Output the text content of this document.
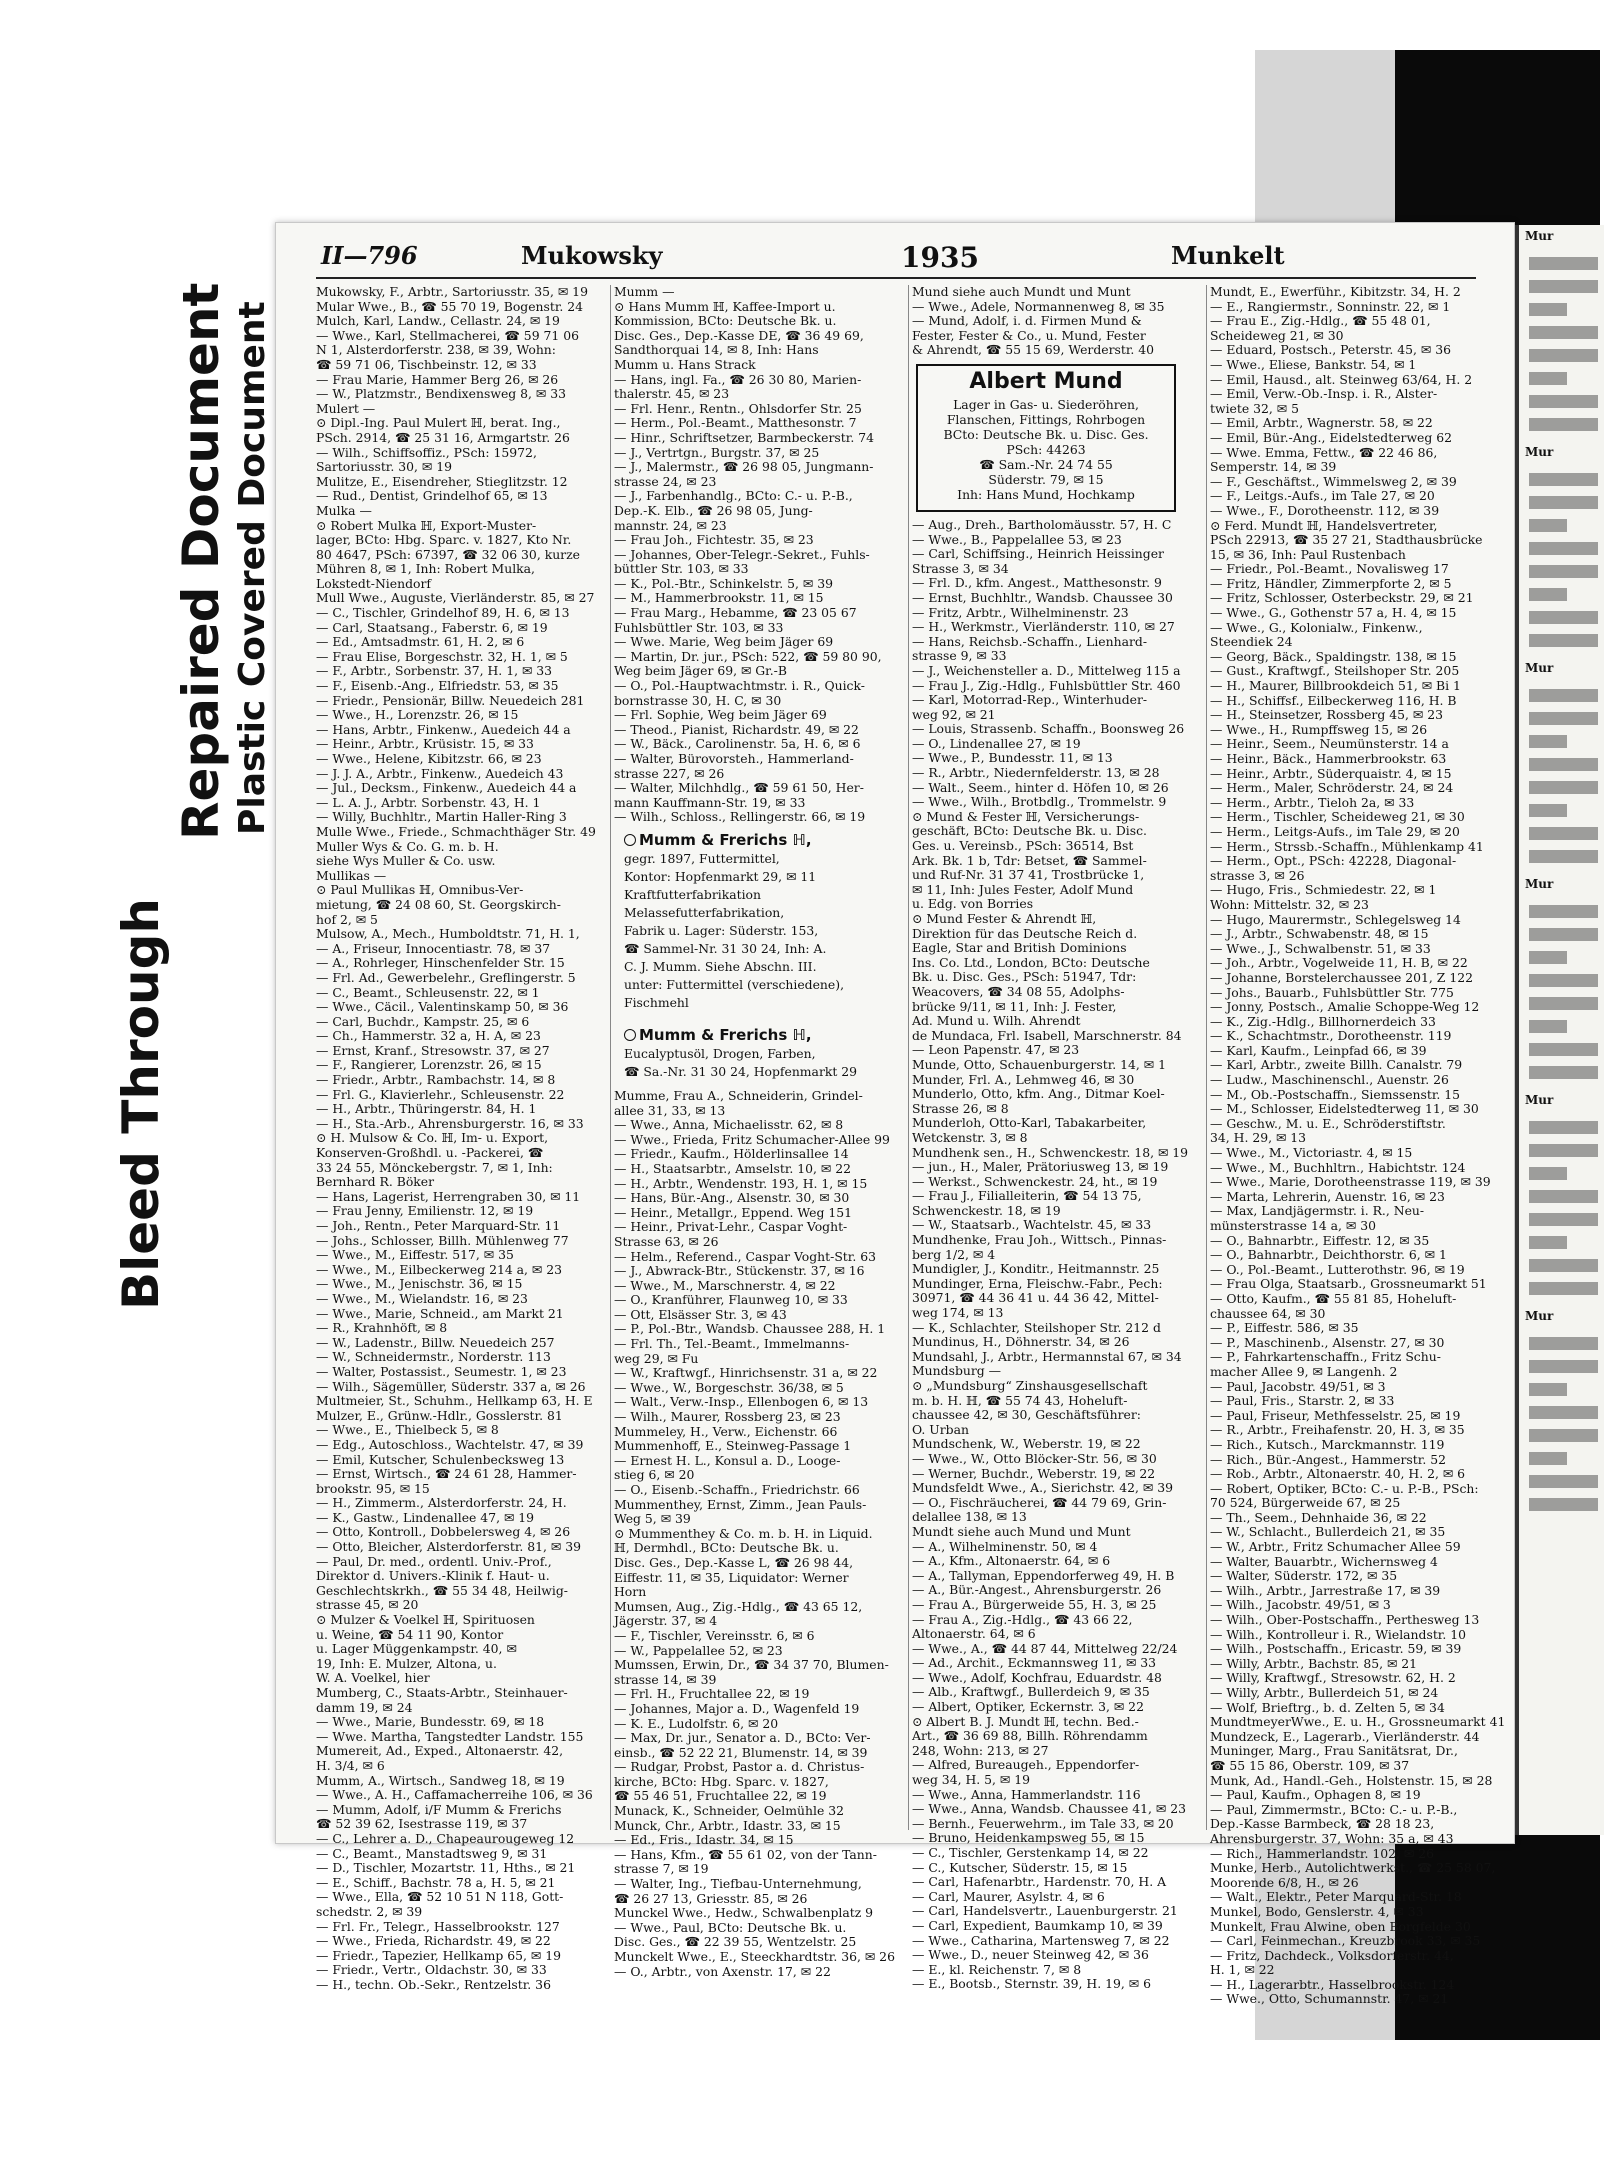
Bleed Through
Repaired Document Plastic Covered Document
II—796	Mukowsky	1935	Munkelt
Mukowsky, F., Arbtr., Sartoriusstr. 35, ✉ 19
Mular Wwe., B., ☎ 55 70 19, Bogenstr. 24
Mulch, Karl, Landw., Cellastr. 24, ✉ 19
— Wwe., Karl, Stellmacherei, ☎ 59 71 06
N 1, Alsterdorferstr. 238, ✉ 39, Wohn:
☎ 59 71 06, Tischbeinstr. 12, ✉ 33
— Frau Marie, Hammer Berg 26, ✉ 26
— W., Platzmstr., Bendixensweg 8, ✉ 33
Mulert —
⊙ Dipl.-Ing. Paul Mulert ℍ, berat. Ing.,
PSch. 2914, ☎ 25 31 16, Armgartstr. 26
— Wilh., Schiffsoffiz., PSch: 15972,
Sartoriusstr. 30, ✉ 19
Mulitze, E., Eisendreher, Stieglitzstr. 12
— Rud., Dentist, Grindelhof 65, ✉ 13
Mulka —
⊙ Robert Mulka ℍ, Export-Muster-
lager, BCto: Hbg. Sparc. v. 1827, Kto Nr.
80 4647, PSch: 67397, ☎ 32 06 30, kurze
Mühren 8, ✉ 1, Inh: Robert Mulka,
Lokstedt-Niendorf
Mull Wwe., Auguste, Vierländerstr. 85, ✉ 27
— C., Tischler, Grindelhof 89, H. 6, ✉ 13
— Carl, Staatsang., Faberstr. 6, ✉ 19
— Ed., Amtsadmstr. 61, H. 2, ✉ 6
— Frau Elise, Borgeschstr. 32, H. 1, ✉ 5
— F., Arbtr., Sorbenstr. 37, H. 1, ✉ 33
— F., Eisenb.-Ang., Elfriedstr. 53, ✉ 35
— Friedr., Pensionär, Billw. Neuedeich 281
— Wwe., H., Lorenzstr. 26, ✉ 15
— Hans, Arbtr., Finkenw., Auedeich 44 a
— Heinr., Arbtr., Krüsistr. 15, ✉ 33
— Wwe., Helene, Kibitzstr. 66, ✉ 23
— J. J. A., Arbtr., Finkenw., Auedeich 43
— Jul., Decksm., Finkenw., Auedeich 44 a
— L. A. J., Arbtr. Sorbenstr. 43, H. 1
— Willy, Buchhltr., Martin Haller-Ring 3
Mulle Wwe., Friede., Schmachthäger Str. 49
Muller Wys & Co. G. m. b. H.
siehe Wys Muller & Co. usw.
Mullikas —
⊙ Paul Mullikas ℍ, Omnibus-Ver-
mietung, ☎ 24 08 60, St. Georgskirch-
hof 2, ✉ 5
Mulsow, A., Mech., Humboldtstr. 71, H. 1,
— A., Friseur, Innocentiastr. 78, ✉ 37
— A., Rohrleger, Hinschenfelder Str. 15
— Frl. Ad., Gewerbelehr., Greflingerstr. 5
— C., Beamt., Schleusenstr. 22, ✉ 1
— Wwe., Cäcil., Valentinskamp 50, ✉ 36
— Carl, Buchdr., Kampstr. 25, ✉ 6
— Ch., Hammerstr. 32 a, H. A, ✉ 23
— Ernst, Kranf., Stresowstr. 37, ✉ 27
— F., Rangierer, Lorenzstr. 26, ✉ 15
— Friedr., Arbtr., Rambachstr. 14, ✉ 8
— Frl. G., Klavierlehr., Schleusenstr. 22
— H., Arbtr., Thüringerstr. 84, H. 1
— H., Sta.-Arb., Ahrensburgerstr. 16, ✉ 33
⊙ H. Mulsow & Co. ℍ, Im- u. Export,
Konserven-Großhdl. u. -Packerei, ☎
33 24 55, Mönckebergstr. 7, ✉ 1, Inh:
Bernhard R. Böker
— Hans, Lagerist, Herrengraben 30, ✉ 11
— Frau Jenny, Emilienstr. 12, ✉ 19
— Joh., Rentn., Peter Marquard-Str. 11
— Johs., Schlosser, Billh. Mühlenweg 77
— Wwe., M., Eiffestr. 517, ✉ 35
— Wwe., M., Eilbeckerweg 214 a, ✉ 23
— Wwe., M., Jenischstr. 36, ✉ 15
— Wwe., M., Wielandstr. 16, ✉ 23
— Wwe., Marie, Schneid., am Markt 21
— R., Krahnhöft, ✉ 8
— W., Ladenstr., Billw. Neuedeich 257
— W., Schneidermstr., Norderstr. 113
— Walter, Postassist., Seumestr. 1, ✉ 23
— Wilh., Sägemüller, Süderstr. 337 a, ✉ 26
Multmeier, St., Schuhm., Hellkamp 63, H. E
Mulzer, E., Grünw.-Hdlr., Gosslerstr. 81
— Wwe., E., Thielbeck 5, ✉ 8
— Edg., Autoschloss., Wachtelstr. 47, ✉ 39
— Emil, Kutscher, Schulenbecksweg 13
— Ernst, Wirtsch., ☎ 24 61 28, Hammer-
brookstr. 95, ✉ 15
— H., Zimmerm., Alsterdorferstr. 24, H.
— K., Gastw., Lindenallee 47, ✉ 19
— Otto, Kontroll., Dobbelersweg 4, ✉ 26
— Otto, Bleicher, Alsterdorferstr. 81, ✉ 39
— Paul, Dr. med., ordentl. Univ.-Prof.,
Direktor d. Univers.-Klinik f. Haut- u.
Geschlechtskrkh., ☎ 55 34 48, Heilwig-
strasse 45, ✉ 20
⊙ Mulzer & Voelkel ℍ, Spirituosen
u. Weine, ☎ 54 11 90, Kontor
u. Lager Müggenkampstr. 40, ✉
19, Inh: E. Mulzer, Altona, u.
W. A. Voelkel, hier
Mumberg, C., Staats-Arbtr., Steinhauer-
damm 19, ✉ 24
— Wwe., Marie, Bundesstr. 69, ✉ 18
— Wwe. Martha, Tangstedter Landstr. 155
Mumereit, Ad., Exped., Altonaerstr. 42,
H. 3/4, ✉ 6
Mumm, A., Wirtsch., Sandweg 18, ✉ 19
— Wwe., A. H., Caffamacherreihe 106, ✉ 36
— Mumm, Adolf, i/F Mumm & Frerichs
☎ 52 39 62, Isestrasse 119, ✉ 37
— C., Lehrer a. D., Chapeaurougeweg 12
— C., Beamt., Manstadtsweg 9, ✉ 31
— D., Tischler, Mozartstr. 11, Hths., ✉ 21
— E., Schiff., Bachstr. 78 a, H. 5, ✉ 21
— Wwe., Ella, ☎ 52 10 51 N 118, Gott-
schedstr. 2, ✉ 39
— Frl. Fr., Telegr., Hasselbrookstr. 127
— Wwe., Frieda, Richardstr. 49, ✉ 22
— Friedr., Tapezier, Hellkamp 65, ✉ 19
— Friedr., Vertr., Oldachstr. 30, ✉ 33
— H., techn. Ob.-Sekr., Rentzelstr. 36
Mumm —
⊙ Hans Mumm ℍ, Kaffee-Import u.
Kommission, BCto: Deutsche Bk. u.
Disc. Ges., Dep.-Kasse DE, ☎ 36 49 69,
Sandthorquai 14, ✉ 8, Inh: Hans
Mumm u. Hans Strack
— Hans, ingl. Fa., ☎ 26 30 80, Marien-
thalerstr. 45, ✉ 23
— Frl. Henr., Rentn., Ohlsdorfer Str. 25
— Herm., Pol.-Beamt., Matthesonstr. 7
— Hinr., Schriftsetzer, Barmbeckerstr. 74
— J., Vertrtgn., Burgstr. 37, ✉ 25
— J., Malermstr., ☎ 26 98 05, Jungmann-
strasse 24, ✉ 23
— J., Farbenhandlg., BCto: C.- u. P.-B.,
Dep.-K. Elb., ☎ 26 98 05, Jung-
mannstr. 24, ✉ 23
— Frau Joh., Fichtestr. 35, ✉ 23
— Johannes, Ober-Telegr.-Sekret., Fuhls-
büttler Str. 103, ✉ 33
— K., Pol.-Btr., Schinkelstr. 5, ✉ 39
— M., Hammerbrookstr. 11, ✉ 15
— Frau Marg., Hebamme, ☎ 23 05 67
Fuhlsbüttler Str. 103, ✉ 33
— Wwe. Marie, Weg beim Jäger 69
— Martin, Dr. jur., PSch: 522, ☎ 59 80 90,
Weg beim Jäger 69, ✉ Gr.-B
— O., Pol.-Hauptwachtmstr. i. R., Quick-
bornstrasse 30, H. C, ✉ 30
— Frl. Sophie, Weg beim Jäger 69
— Theod., Pianist, Richardstr. 49, ✉ 22
— W., Bäck., Carolinenstr. 5a, H. 6, ✉ 6
— Walter, Bürovorsteh., Hammerland-
strasse 227, ✉ 26
— Walter, Milchhdlg., ☎ 59 61 50, Her-
mann Kauffmann-Str. 19, ✉ 33
— Wilh., Schloss., Rellingerstr. 66, ✉ 19
Mumm & Frerichs ℍ,
gegr. 1897, Futtermittel,
Kontor: Hopfenmarkt 29, ✉ 11
Kraftfutterfabrikation
Melassefutterfabrikation,
Fabrik u. Lager: Süderstr. 153,
☎ Sammel-Nr. 31 30 24, Inh: A.
C. J. Mumm. Siehe Abschn. III.
unter: Futtermittel (verschiedene),
Fischmehl
Mumm & Frerichs ℍ,
Eucalyptusöl, Drogen, Farben,
☎ Sa.-Nr. 31 30 24, Hopfenmarkt 29
Mumme, Frau A., Schneiderin, Grindel-
allee 31, 33, ✉ 13
— Wwe., Anna, Michaelisstr. 62, ✉ 8
— Wwe., Frieda, Fritz Schumacher-Allee 99
— Friedr., Kaufm., Hölderlinsallee 14
— H., Staatsarbtr., Amselstr. 10, ✉ 22
— H., Arbtr., Wendenstr. 193, H. 1, ✉ 15
— Hans, Bür.-Ang., Alsenstr. 30, ✉ 30
— Heinr., Metallgr., Eppend. Weg 151
— Heinr., Privat-Lehr., Caspar Voght-
Strasse 63, ✉ 26
— Helm., Referend., Caspar Voght-Str. 63
— J., Abwrack-Btr., Stückenstr. 37, ✉ 16
— Wwe., M., Marschnerstr. 4, ✉ 22
— O., Kranführer, Flaunweg 10, ✉ 33
— Ott, Elsässer Str. 3, ✉ 43
— P., Pol.-Btr., Wandsb. Chaussee 288, H. 1
— Frl. Th., Tel.-Beamt., Immelmanns-
weg 29, ✉ Fu
— W., Kraftwgf., Hinrichsenstr. 31 a, ✉ 22
— Wwe., W., Borgeschstr. 36/38, ✉ 5
— Walt., Verw.-Insp., Ellenbogen 6, ✉ 13
— Wilh., Maurer, Rossberg 23, ✉ 23
Mummeley, H., Verw., Eichenstr. 66
Mummenhoff, E., Steinweg-Passage 1
— Ernest H. L., Konsul a. D., Looge-
stieg 6, ✉ 20
— O., Eisenb.-Schaffn., Friedrichstr. 66
Mummenthey, Ernst, Zimm., Jean Pauls-
Weg 5, ✉ 39
⊙ Mummenthey & Co. m. b. H. in Liquid.
ℍ, Dermhdl., BCto: Deutsche Bk. u.
Disc. Ges., Dep.-Kasse L, ☎ 26 98 44,
Eiffestr. 11, ✉ 35, Liquidator: Werner
Horn
Mumsen, Aug., Zig.-Hdlg., ☎ 43 65 12,
Jägerstr. 37, ✉ 4
— F., Tischler, Vereinsstr. 6, ✉ 6
— W., Pappelallee 52, ✉ 23
Mumssen, Erwin, Dr., ☎ 34 37 70, Blumen-
strasse 14, ✉ 39
— Frl. H., Fruchtallee 22, ✉ 19
— Johannes, Major a. D., Wagenfeld 19
— K. E., Ludolfstr. 6, ✉ 20
— Max, Dr. jur., Senator a. D., BCto: Ver-
einsb., ☎ 52 22 21, Blumenstr. 14, ✉ 39
— Rudgar, Probst, Pastor a. d. Christus-
kirche, BCto: Hbg. Sparc. v. 1827,
☎ 55 46 51, Fruchtallee 22, ✉ 19
Munack, K., Schneider, Oelmühle 32
Munck, Chr., Arbtr., Idastr. 33, ✉ 15
— Ed., Fris., Idastr. 34, ✉ 15
— Hans, Kfm., ☎ 55 61 02, von der Tann-
strasse 7, ✉ 19
— Walter, Ing., Tiefbau-Unternehmung,
☎ 26 27 13, Griesstr. 85, ✉ 26
Munckel Wwe., Hedw., Schwalbenplatz 9
— Wwe., Paul, BCto: Deutsche Bk. u.
Disc. Ges., ☎ 22 39 55, Wentzelstr. 25
Munckelt Wwe., E., Steeckhardtstr. 36, ✉ 26
— O., Arbtr., von Axenstr. 17, ✉ 22
Mund siehe auch Mundt und Munt
— Wwe., Adele, Normannenweg 8, ✉ 35
— Mund, Adolf, i. d. Firmen Mund &
Fester, Fester & Co., u. Mund, Fester
& Ahrendt, ☎ 55 15 69, Werderstr. 40
Albert Mund
Lager in Gas- u. Siederöhren,
Flanschen, Fittings, Rohrbogen
BCto: Deutsche Bk. u. Disc. Ges.
PSch: 44263
☎ Sam.-Nr. 24 74 55
Süderstr. 79, ✉ 15
Inh: Hans Mund, Hochkamp
— Aug., Dreh., Bartholomäusstr. 57, H. C
— Wwe., B., Pappelallee 53, ✉ 23
— Carl, Schiffsing., Heinrich Heissinger
Strasse 3, ✉ 34
— Frl. D., kfm. Angest., Matthesonstr. 9
— Ernst, Buchhltr., Wandsb. Chaussee 30
— Fritz, Arbtr., Wilhelminenstr. 23
— H., Werkmstr., Vierländerstr. 110, ✉ 27
— Hans, Reichsb.-Schaffn., Lienhard-
strasse 9, ✉ 33
— J., Weichensteller a. D., Mittelweg 115 a
— Frau J., Zig.-Hdlg., Fuhlsbüttler Str. 460
— Karl, Motorrad-Rep., Winterhuder-
weg 92, ✉ 21
— Louis, Strassenb. Schaffn., Boonsweg 26
— O., Lindenallee 27, ✉ 19
— Wwe., P., Bundesstr. 11, ✉ 13
— R., Arbtr., Niedernfelderstr. 13, ✉ 28
— Walt., Seem., hinter d. Höfen 10, ✉ 26
— Wwe., Wilh., Brotbdlg., Trommelstr. 9
⊙ Mund & Fester ℍ, Versicherungs-
geschäft, BCto: Deutsche Bk. u. Disc.
Ges. u. Vereinsb., PSch: 36514, Bst
Ark. Bk. 1 b, Tdr: Betset, ☎ Sammel-
und Ruf-Nr. 31 37 41, Trostbrücke 1,
✉ 11, Inh: Jules Fester, Adolf Mund
u. Edg. von Borries
⊙ Mund Fester & Ahrendt ℍ,
Direktion für das Deutsche Reich d.
Eagle, Star and British Dominions
Ins. Co. Ltd., London, BCto: Deutsche
Bk. u. Disc. Ges., PSch: 51947, Tdr:
Weacovers, ☎ 34 08 55, Adolphs-
brücke 9/11, ✉ 11, Inh: J. Fester,
Ad. Mund u. Wilh. Ahrendt
de Mundaca, Frl. Isabell, Marschnerstr. 84
— Leon Papenstr. 47, ✉ 23
Munde, Otto, Schauenburgerstr. 14, ✉ 1
Munder, Frl. A., Lehmweg 46, ✉ 30
Munderlo, Otto, kfm. Ang., Ditmar Koel-
Strasse 26, ✉ 8
Munderloh, Otto-Karl, Tabakarbeiter,
Wetckenstr. 3, ✉ 8
Mundhenk sen., H., Schwenckestr. 18, ✉ 19
— jun., H., Maler, Prätoriusweg 13, ✉ 19
— Werkst., Schwenckestr. 24, ht., ✉ 19
— Frau J., Filialleiterin, ☎ 54 13 75,
Schwenckestr. 18, ✉ 19
— W., Staatsarb., Wachtelstr. 45, ✉ 33
Mundhenke, Frau Joh., Wittsch., Pinnas-
berg 1/2, ✉ 4
Mundigler, J., Konditr., Heitmannstr. 25
Mundinger, Erna, Fleischw.-Fabr., Pech:
30971, ☎ 44 36 41 u. 44 36 42, Mittel-
weg 174, ✉ 13
— K., Schlachter, Steilshoper Str. 212 d
Mundinus, H., Döhnerstr. 34, ✉ 26
Mundsahl, J., Arbtr., Hermannstal 67, ✉ 34
Mundsburg —
⊙ „Mundsburg“ Zinshausgesellschaft
m. b. H. ℍ, ☎ 55 74 43, Hoheluft-
chaussee 42, ✉ 30, Geschäftsführer:
O. Urban
Mundschenk, W., Weberstr. 19, ✉ 22
— Wwe., W., Otto Blöcker-Str. 56, ✉ 30
— Werner, Buchdr., Weberstr. 19, ✉ 22
Mundsfeldt Wwe., A., Sierichstr. 42, ✉ 39
— O., Fischräucherei, ☎ 44 79 69, Grin-
delallee 138, ✉ 13
Mundt siehe auch Mund und Munt
— A., Wilhelminenstr. 50, ✉ 4
— A., Kfm., Altonaerstr. 64, ✉ 6
— A., Tallyman, Eppendorferweg 49, H. B
— A., Bür.-Angest., Ahrensburgerstr. 26
— Frau A., Bürgerweide 55, H. 3, ✉ 25
— Frau A., Zig.-Hdlg., ☎ 43 66 22,
Altonaerstr. 64, ✉ 6
— Wwe., A., ☎ 44 87 44, Mittelweg 22/24
— Ad., Archit., Eckmannsweg 11, ✉ 33
— Wwe., Adolf, Kochfrau, Eduardstr. 48
— Alb., Kraftwgf., Bullerdeich 9, ✉ 35
— Albert, Optiker, Eckernstr. 3, ✉ 22
⊙ Albert B. J. Mundt ℍ, techn. Bed.-
Art., ☎ 36 69 88, Billh. Röhrendamm
248, Wohn: 213, ✉ 27
— Alfred, Bureaugeh., Eppendorfer-
weg 34, H. 5, ✉ 19
— Wwe., Anna, Hammerlandstr. 116
— Wwe., Anna, Wandsb. Chaussee 41, ✉ 23
— Bernh., Feuerwehrm., im Tale 33, ✉ 20
— Bruno, Heidenkampsweg 55, ✉ 15
— C., Tischler, Gerstenkamp 14, ✉ 22
— C., Kutscher, Süderstr. 15, ✉ 15
— Carl, Hafenarbtr., Hardenstr. 70, H. A
— Carl, Maurer, Asylstr. 4, ✉ 6
— Carl, Handelsvertr., Lauenburgerstr. 21
— Carl, Expedient, Baumkamp 10, ✉ 39
— Wwe., Catharina, Martensweg 7, ✉ 22
— Wwe., D., neuer Steinweg 42, ✉ 36
— E., kl. Reichenstr. 7, ✉ 8
— E., Bootsb., Sternstr. 39, H. 19, ✉ 6
Mundt, E., Ewerführ., Kibitzstr. 34, H. 2
— E., Rangiermstr., Sonninstr. 22, ✉ 1
— Frau E., Zig.-Hdlg., ☎ 55 48 01,
Scheideweg 21, ✉ 30
— Eduard, Postsch., Peterstr. 45, ✉ 36
— Wwe., Eliese, Bankstr. 54, ✉ 1
— Emil, Hausd., alt. Steinweg 63/64, H. 2
— Emil, Verw.-Ob.-Insp. i. R., Alster-
twiete 32, ✉ 5
— Emil, Arbtr., Wagnerstr. 58, ✉ 22
— Emil, Bür.-Ang., Eidelstedterweg 62
— Wwe. Emma, Fettw., ☎ 22 46 86,
Semperstr. 14, ✉ 39
— F., Geschäftst., Wimmelsweg 2, ✉ 39
— F., Leitgs.-Aufs., im Tale 27, ✉ 20
— Wwe., F., Dorotheenstr. 112, ✉ 39
⊙ Ferd. Mundt ℍ, Handelsvertreter,
PSch 22913, ☎ 35 27 21, Stadthausbrücke
15, ✉ 36, Inh: Paul Rustenbach
— Friedr., Pol.-Beamt., Novalisweg 17
— Fritz, Händler, Zimmerpforte 2, ✉ 5
— Fritz, Schlosser, Osterbeckstr. 29, ✉ 21
— Wwe., G., Gothenstr 57 a, H. 4, ✉ 15
— Wwe., G., Kolonialw., Finkenw.,
Steendiek 24
— Georg, Bäck., Spaldingstr. 138, ✉ 15
— Gust., Kraftwgf., Steilshoper Str. 205
— H., Maurer, Billbrookdeich 51, ✉ Bi 1
— H., Schiffsf., Eilbeckerweg 116, H. B
— H., Steinsetzer, Rossberg 45, ✉ 23
— Wwe., H., Rumpffsweg 15, ✉ 26
— Heinr., Seem., Neumünsterstr. 14 a
— Heinr., Bäck., Hammerbrookstr. 63
— Heinr., Arbtr., Süderquaistr. 4, ✉ 15
— Herm., Maler, Schröderstr. 24, ✉ 24
— Herm., Arbtr., Tieloh 2a, ✉ 33
— Herm., Tischler, Scheideweg 21, ✉ 30
— Herm., Leitgs-Aufs., im Tale 29, ✉ 20
— Herm., Strssb.-Schaffn., Mühlenkamp 41
— Herm., Opt., PSch: 42228, Diagonal-
strasse 3, ✉ 26
— Hugo, Fris., Schmiedestr. 22, ✉ 1
Wohn: Mittelstr. 32, ✉ 23
— Hugo, Maurermstr., Schlegelsweg 14
— J., Arbtr., Schwabenstr. 48, ✉ 15
— Wwe., J., Schwalbenstr. 51, ✉ 33
— Joh., Arbtr., Vogelweide 11, H. B, ✉ 22
— Johanne, Borstelerchaussee 201, Z 122
— Johs., Bauarb., Fuhlsbüttler Str. 775
— Jonny, Postsch., Amalie Schoppe-Weg 12
— K., Zig.-Hdlg., Billhornerdeich 33
— K., Schachtmstr., Dorotheenstr. 119
— Karl, Kaufm., Leinpfad 66, ✉ 39
— Karl, Arbtr., zweite Billh. Canalstr. 79
— Ludw., Maschinenschl., Auenstr. 26
— M., Ob.-Postschaffn., Siemssenstr. 15
— M., Schlosser, Eidelstedterweg 11, ✉ 30
— Geschw., M. u. E., Schröderstiftstr.
34, H. 29, ✉ 13
— Wwe., M., Victoriastr. 4, ✉ 15
— Wwe., M., Buchhltrn., Habichtstr. 124
— Wwe., Marie, Dorotheenstrasse 119, ✉ 39
— Marta, Lehrerin, Auenstr. 16, ✉ 23
— Max, Landjägermstr. i. R., Neu-
münsterstrasse 14 a, ✉ 30
— O., Bahnarbtr., Eiffestr. 12, ✉ 35
— O., Bahnarbtr., Deichthorstr. 6, ✉ 1
— O., Pol.-Beamt., Lutterothstr. 96, ✉ 19
— Frau Olga, Staatsarb., Grossneumarkt 51
— Otto, Kaufm., ☎ 55 81 85, Hoheluft-
chaussee 64, ✉ 30
— P., Eiffestr. 586, ✉ 35
— P., Maschinenb., Alsenstr. 27, ✉ 30
— P., Fahrkartenschaffn., Fritz Schu-
macher Allee 9, ✉ Langenh. 2
— Paul, Jacobstr. 49/51, ✉ 3
— Paul, Fris., Starstr. 2, ✉ 33
— Paul, Friseur, Methfesselstr. 25, ✉ 19
— R., Arbtr., Freihafenstr. 20, H. 3, ✉ 35
— Rich., Kutsch., Marckmannstr. 119
— Rich., Bür.-Angest., Hammerstr. 52
— Rob., Arbtr., Altonaerstr. 40, H. 2, ✉ 6
— Robert, Optiker, BCto: C.- u. P.-B., PSch:
70 524, Bürgerweide 67, ✉ 25
— Th., Seem., Dehnhaide 36, ✉ 22
— W., Schlacht., Bullerdeich 21, ✉ 35
— W., Arbtr., Fritz Schumacher Allee 59
— Walter, Bauarbtr., Wichernsweg 4
— Walter, Süderstr. 172, ✉ 35
— Wilh., Arbtr., Jarrestraße 17, ✉ 39
— Wilh., Jacobstr. 49/51, ✉ 3
— Wilh., Ober-Postschaffn., Perthesweg 13
— Wilh., Kontrolleur i. R., Wielandstr. 10
— Wilh., Postschaffn., Ericastr. 59, ✉ 39
— Willy, Arbtr., Bachstr. 85, ✉ 21
— Willy, Kraftwgf., Stresowstr. 62, H. 2
— Willy, Arbtr., Bullerdeich 51, ✉ 24
— Wolf, Brieftrg., b. d. Zelten 5, ✉ 34
MundtmeyerWwe., E. u. H., Grossneumarkt 41
Mundzeck, E., Lagerarb., Vierländerstr. 44
Muninger, Marg., Frau Sanitätsrat, Dr.,
☎ 55 15 86, Oberstr. 109, ✉ 37
Munk, Ad., Handl.-Geh., Holstenstr. 15, ✉ 28
— Paul, Kaufm., Ophagen 8, ✉ 19
— Paul, Zimmermstr., BCto: C.- u. P.-B.,
Dep.-Kasse Barmbeck, ☎ 28 18 23,
Ahrensburgerstr. 37, Wohn: 35 a, ✉ 43
— Rich., Hammerlandstr. 102, ✉ 26
Munke, Herb., Autolichtwerkst., ☎ 25 58 07,
Moorende 6/8, H., ✉ 26
— Walt., Elektr., Peter Marquard-Str. 18
Munkel, Bodo, Genslerstr. 4, ✉ 33
Munkelt, Frau Alwine, oben Borgfelde 30
— Carl, Feinmechan., Kreuzbrook 33, ✉ 35
— Fritz, Dachdeck., Volksdorferstr. 44,
H. 1, ✉ 22
— H., Lagerarbtr., Hasselbrookstr. 124
— Wwe., Otto, Schumannstr. 47, ✉ 21
Mur
Mur
Mur
Mur
Mur
Mur
